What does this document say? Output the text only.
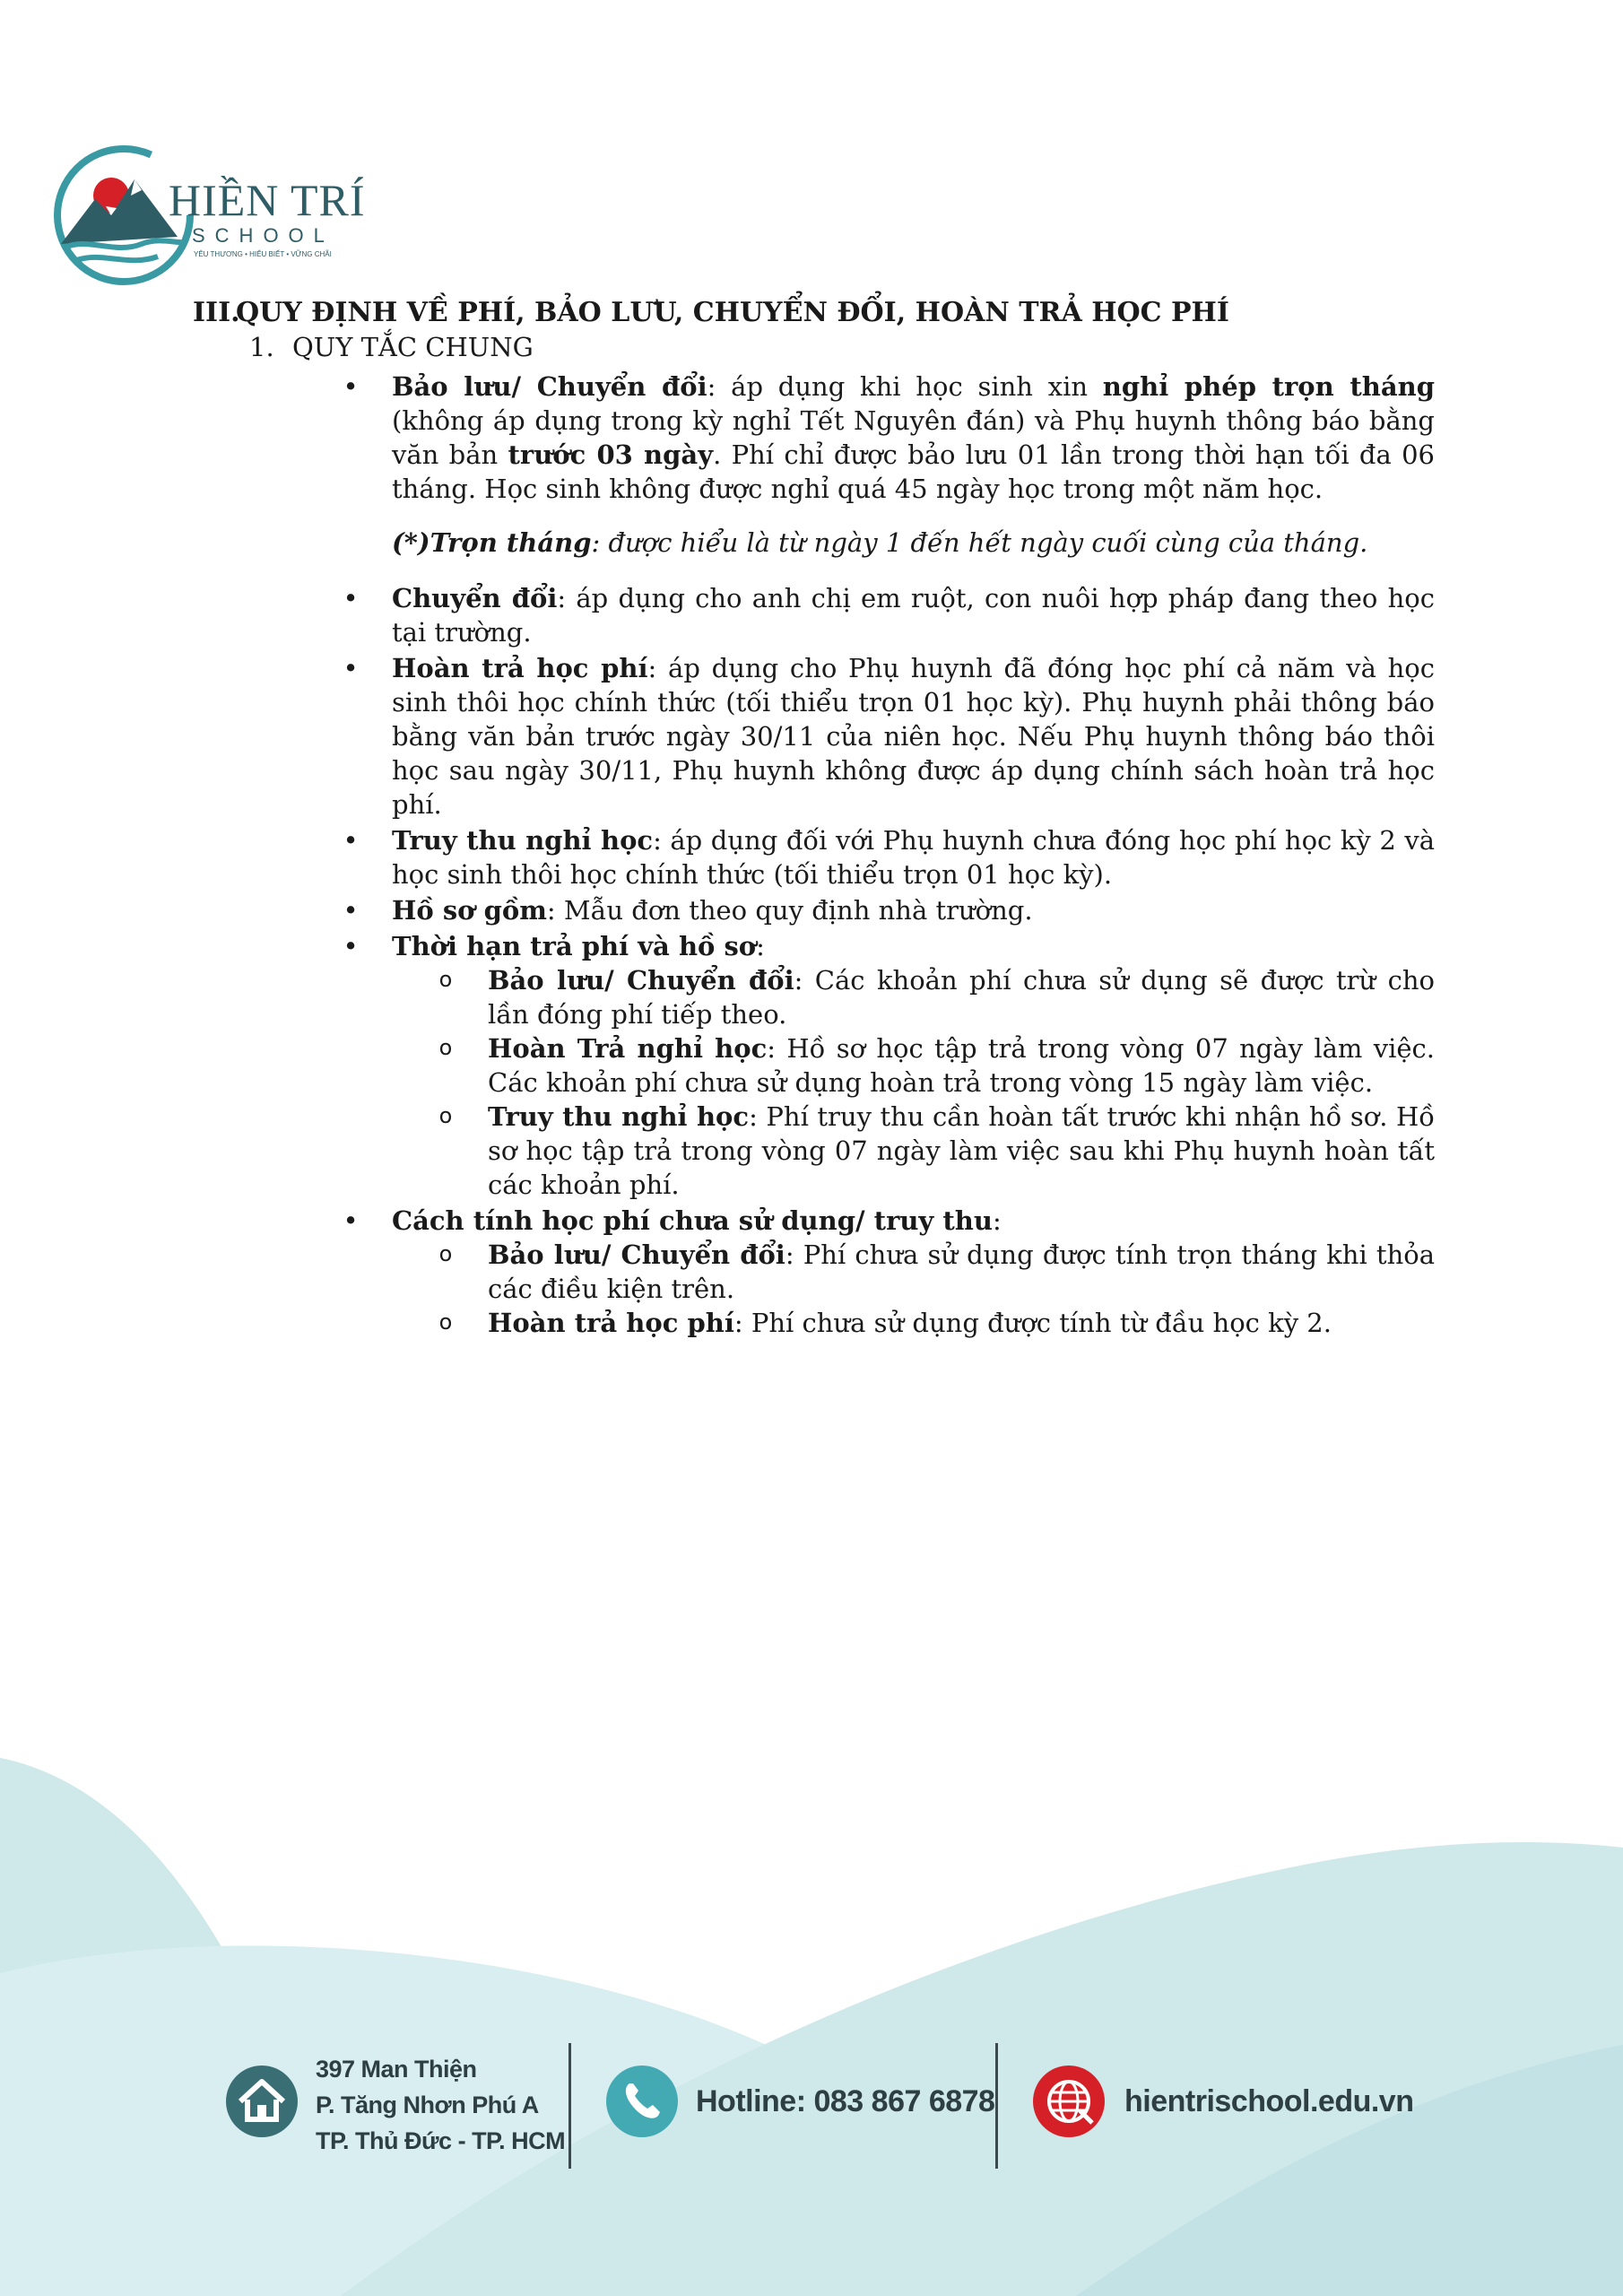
HIỀN TRÍ
SCHOOL
YÊU THƯƠNG • HIỂU BIẾT • VỮNG CHÃI

III.QUY ĐỊNH VỀ PHÍ, BẢO LƯU, CHUYỂN ĐỔI, HOÀN TRẢ HỌC PHÍ

1. QUY TẮC CHUNG

• Bảo lưu/ Chuyển đổi: áp dụng khi học sinh xin nghỉ phép trọn tháng (không áp dụng trong kỳ nghỉ Tết Nguyên đán) và Phụ huynh thông báo bằng văn bản trước 03 ngày. Phí chỉ được bảo lưu 01 lần trong thời hạn tối đa 06 tháng. Học sinh không được nghỉ quá 45 ngày học trong một năm học.

(*)Trọn tháng: được hiểu là từ ngày 1 đến hết ngày cuối cùng của tháng.

• Chuyển đổi: áp dụng cho anh chị em ruột, con nuôi hợp pháp đang theo học tại trường.
• Hoàn trả học phí: áp dụng cho Phụ huynh đã đóng học phí cả năm và học sinh thôi học chính thức (tối thiểu trọn 01 học kỳ). Phụ huynh phải thông báo bằng văn bản trước ngày 30/11 của niên học. Nếu Phụ huynh thông báo thôi học sau ngày 30/11, Phụ huynh không được áp dụng chính sách hoàn trả học phí.
• Truy thu nghỉ học: áp dụng đối với Phụ huynh chưa đóng học phí học kỳ 2 và học sinh thôi học chính thức (tối thiểu trọn 01 học kỳ).
• Hồ sơ gồm: Mẫu đơn theo quy định nhà trường.
• Thời hạn trả phí và hồ sơ:
o Bảo lưu/ Chuyển đổi: Các khoản phí chưa sử dụng sẽ được trừ cho lần đóng phí tiếp theo.
o Hoàn Trả nghỉ học: Hồ sơ học tập trả trong vòng 07 ngày làm việc. Các khoản phí chưa sử dụng hoàn trả trong vòng 15 ngày làm việc.
o Truy thu nghỉ học: Phí truy thu cần hoàn tất trước khi nhận hồ sơ. Hồ sơ học tập trả trong vòng 07 ngày làm việc sau khi Phụ huynh hoàn tất các khoản phí.
• Cách tính học phí chưa sử dụng/ truy thu:
o Bảo lưu/ Chuyển đổi: Phí chưa sử dụng được tính trọn tháng khi thỏa các điều kiện trên.
o Hoàn trả học phí: Phí chưa sử dụng được tính từ đầu học kỳ 2.
397 Man Thiện
P. Tăng Nhơn Phú A
TP. Thủ Đức - TP. HCM
Hotline: 083 867 6878	hientrischool.edu.vn
